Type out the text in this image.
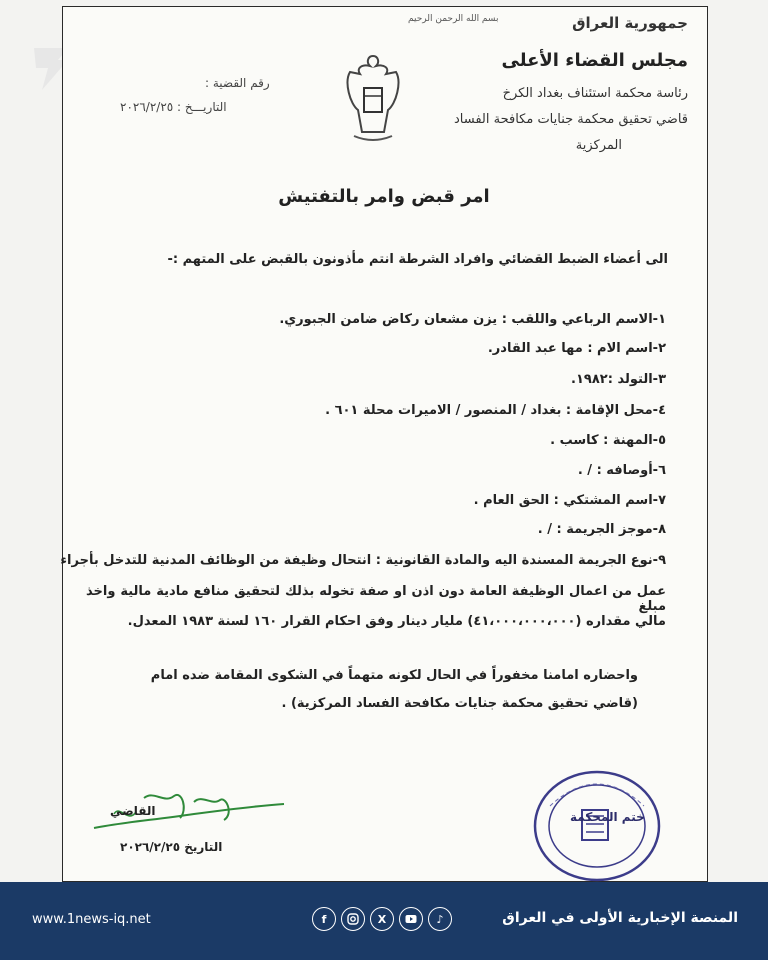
بسم الله الرحمن الرحيم	جمهورية العراق
مجلس القضاء الأعلى
رئاسة محكمة استئناف بغداد الكرخ
قاضي تحقيق محكمة جنايات مكافحة الفساد
المركزية
رقم القضية :
التاريـــخ : ٢٠٢٦/٢/٢٥
امر قبض وامر بالتفتيش
الى أعضاء الضبط القضائي وافراد الشرطة انتم مأذونون بالقبض على المتهم :-
١-الاسم الرباعي واللقب : يزن مشعان ركاض ضامن الجبوري.
٢-اسم الام : مها عبد القادر.
٣-التولد :١٩٨٢.
٤-محل الإقامة : بغداد / المنصور / الاميرات محلة ٦٠١ .
٥-المهنة : كاسب .
٦-أوصافه : / .
٧-اسم المشتكي : الحق العام .
٨-موجز الجريمة : / .
٩-نوع الجريمة المسندة اليه والمادة القانونية : انتحال وظيفة من الوظائف المدنية للتدخل بأجراء
عمل من اعمال الوظيفة العامة دون اذن او صفة تخوله بذلك لتحقيق منافع مادية مالية واخذ مبلغ
مالي مقداره (٤١،٠٠٠،٠٠٠،٠٠٠) مليار دينار وفق احكام القرار ١٦٠ لسنة ١٩٨٣ المعدل.
واحضاره امامنا مخفوراً في الحال لكونه متهماً في الشكوى المقامة ضده امام
(قاضي تحقيق محكمة جنايات مكافحة الفساد المركزية) .
القاضي
التاريخ ٢٠٢٦/٢/٢٥
ختم المحكمة
www.1news-iq.net	f	X	♪	المنصة الإخبارية الأولى في العراق
